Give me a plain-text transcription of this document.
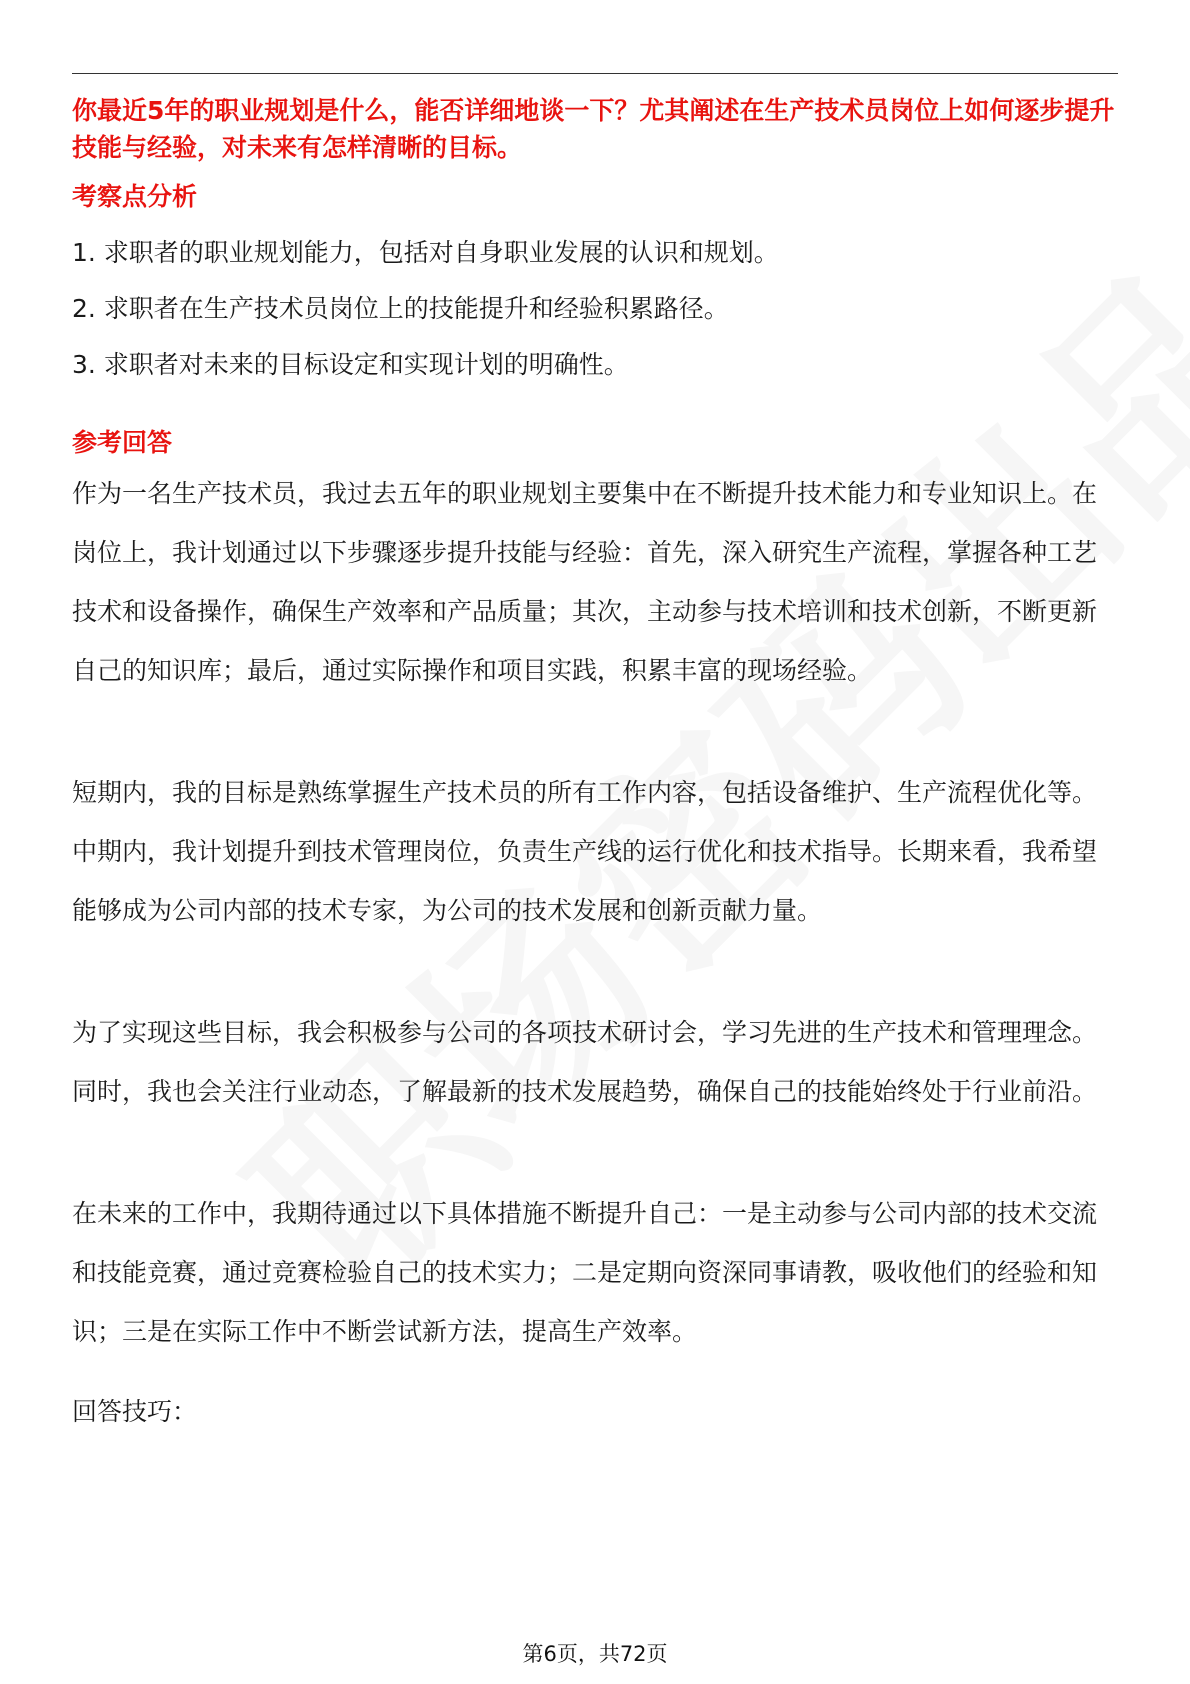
你最近5年的职业规划是什么，能否详细地谈一下？尤其阐述在生产技术员岗位上如何逐步提升技能与经验，对未来有怎样清晰的目标。

考察点分析
1. 求职者的职业规划能力，包括对自身职业发展的认识和规划。
2. 求职者在生产技术员岗位上的技能提升和经验积累路径。
3. 求职者对未来的目标设定和实现计划的明确性。
参考回答

作为一名生产技术员，我过去五年的职业规划主要集中在不断提升技术能力和专业知识上。在岗位上，我计划通过以下步骤逐步提升技能与经验：首先，深入研究生产流程，掌握各种工艺技术和设备操作，确保生产效率和产品质量；其次，主动参与技术培训和技术创新，不断更新自己的知识库；最后，通过实际操作和项目实践，积累丰富的现场经验。

短期内，我的目标是熟练掌握生产技术员的所有工作内容，包括设备维护、生产流程优化等。中期内，我计划提升到技术管理岗位，负责生产线的运行优化和技术指导。长期来看，我希望能够成为公司内部的技术专家，为公司的技术发展和创新贡献力量。

为了实现这些目标，我会积极参与公司的各项技术研讨会，学习先进的生产技术和管理理念。同时，我也会关注行业动态，了解最新的技术发展趋势，确保自己的技能始终处于行业前沿。

在未来的工作中，我期待通过以下具体措施不断提升自己：一是主动参与公司内部的技术交流和技能竞赛，通过竞赛检验自己的技术实力；二是定期向资深同事请教，吸收他们的经验和知识；三是在实际工作中不断尝试新方法，提高生产效率。

回答技巧：
第6页，共72页
